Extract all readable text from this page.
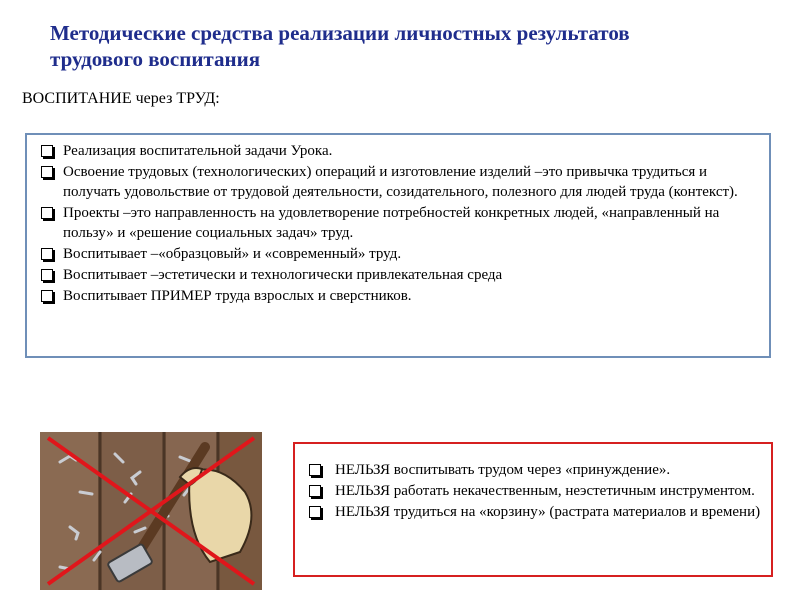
Методические средства реализации личностных результатов
трудового воспитания
ВОСПИТАНИЕ через ТРУД:
Реализация воспитательной задачи Урока.
Освоение трудовых (технологических) операций и изготовление изделий –это привычка трудиться и получать удовольствие от трудовой деятельности, созидательного, полезного для людей труда (контекст).
Проекты –это направленность на удовлетворение потребностей конкретных людей, «направленный на пользу» и «решение социальных задач» труд.
Воспитывает –«образцовый» и «современный» труд.
Воспитывает –эстетически и технологически привлекательная среда
Воспитывает ПРИМЕР труда взрослых и сверстников.
НЕЛЬЗЯ воспитывать трудом через «принуждение».
НЕЛЬЗЯ работать некачественным, неэстетичным инструментом.
НЕЛЬЗЯ трудиться на «корзину» (растрата материалов и времени)
